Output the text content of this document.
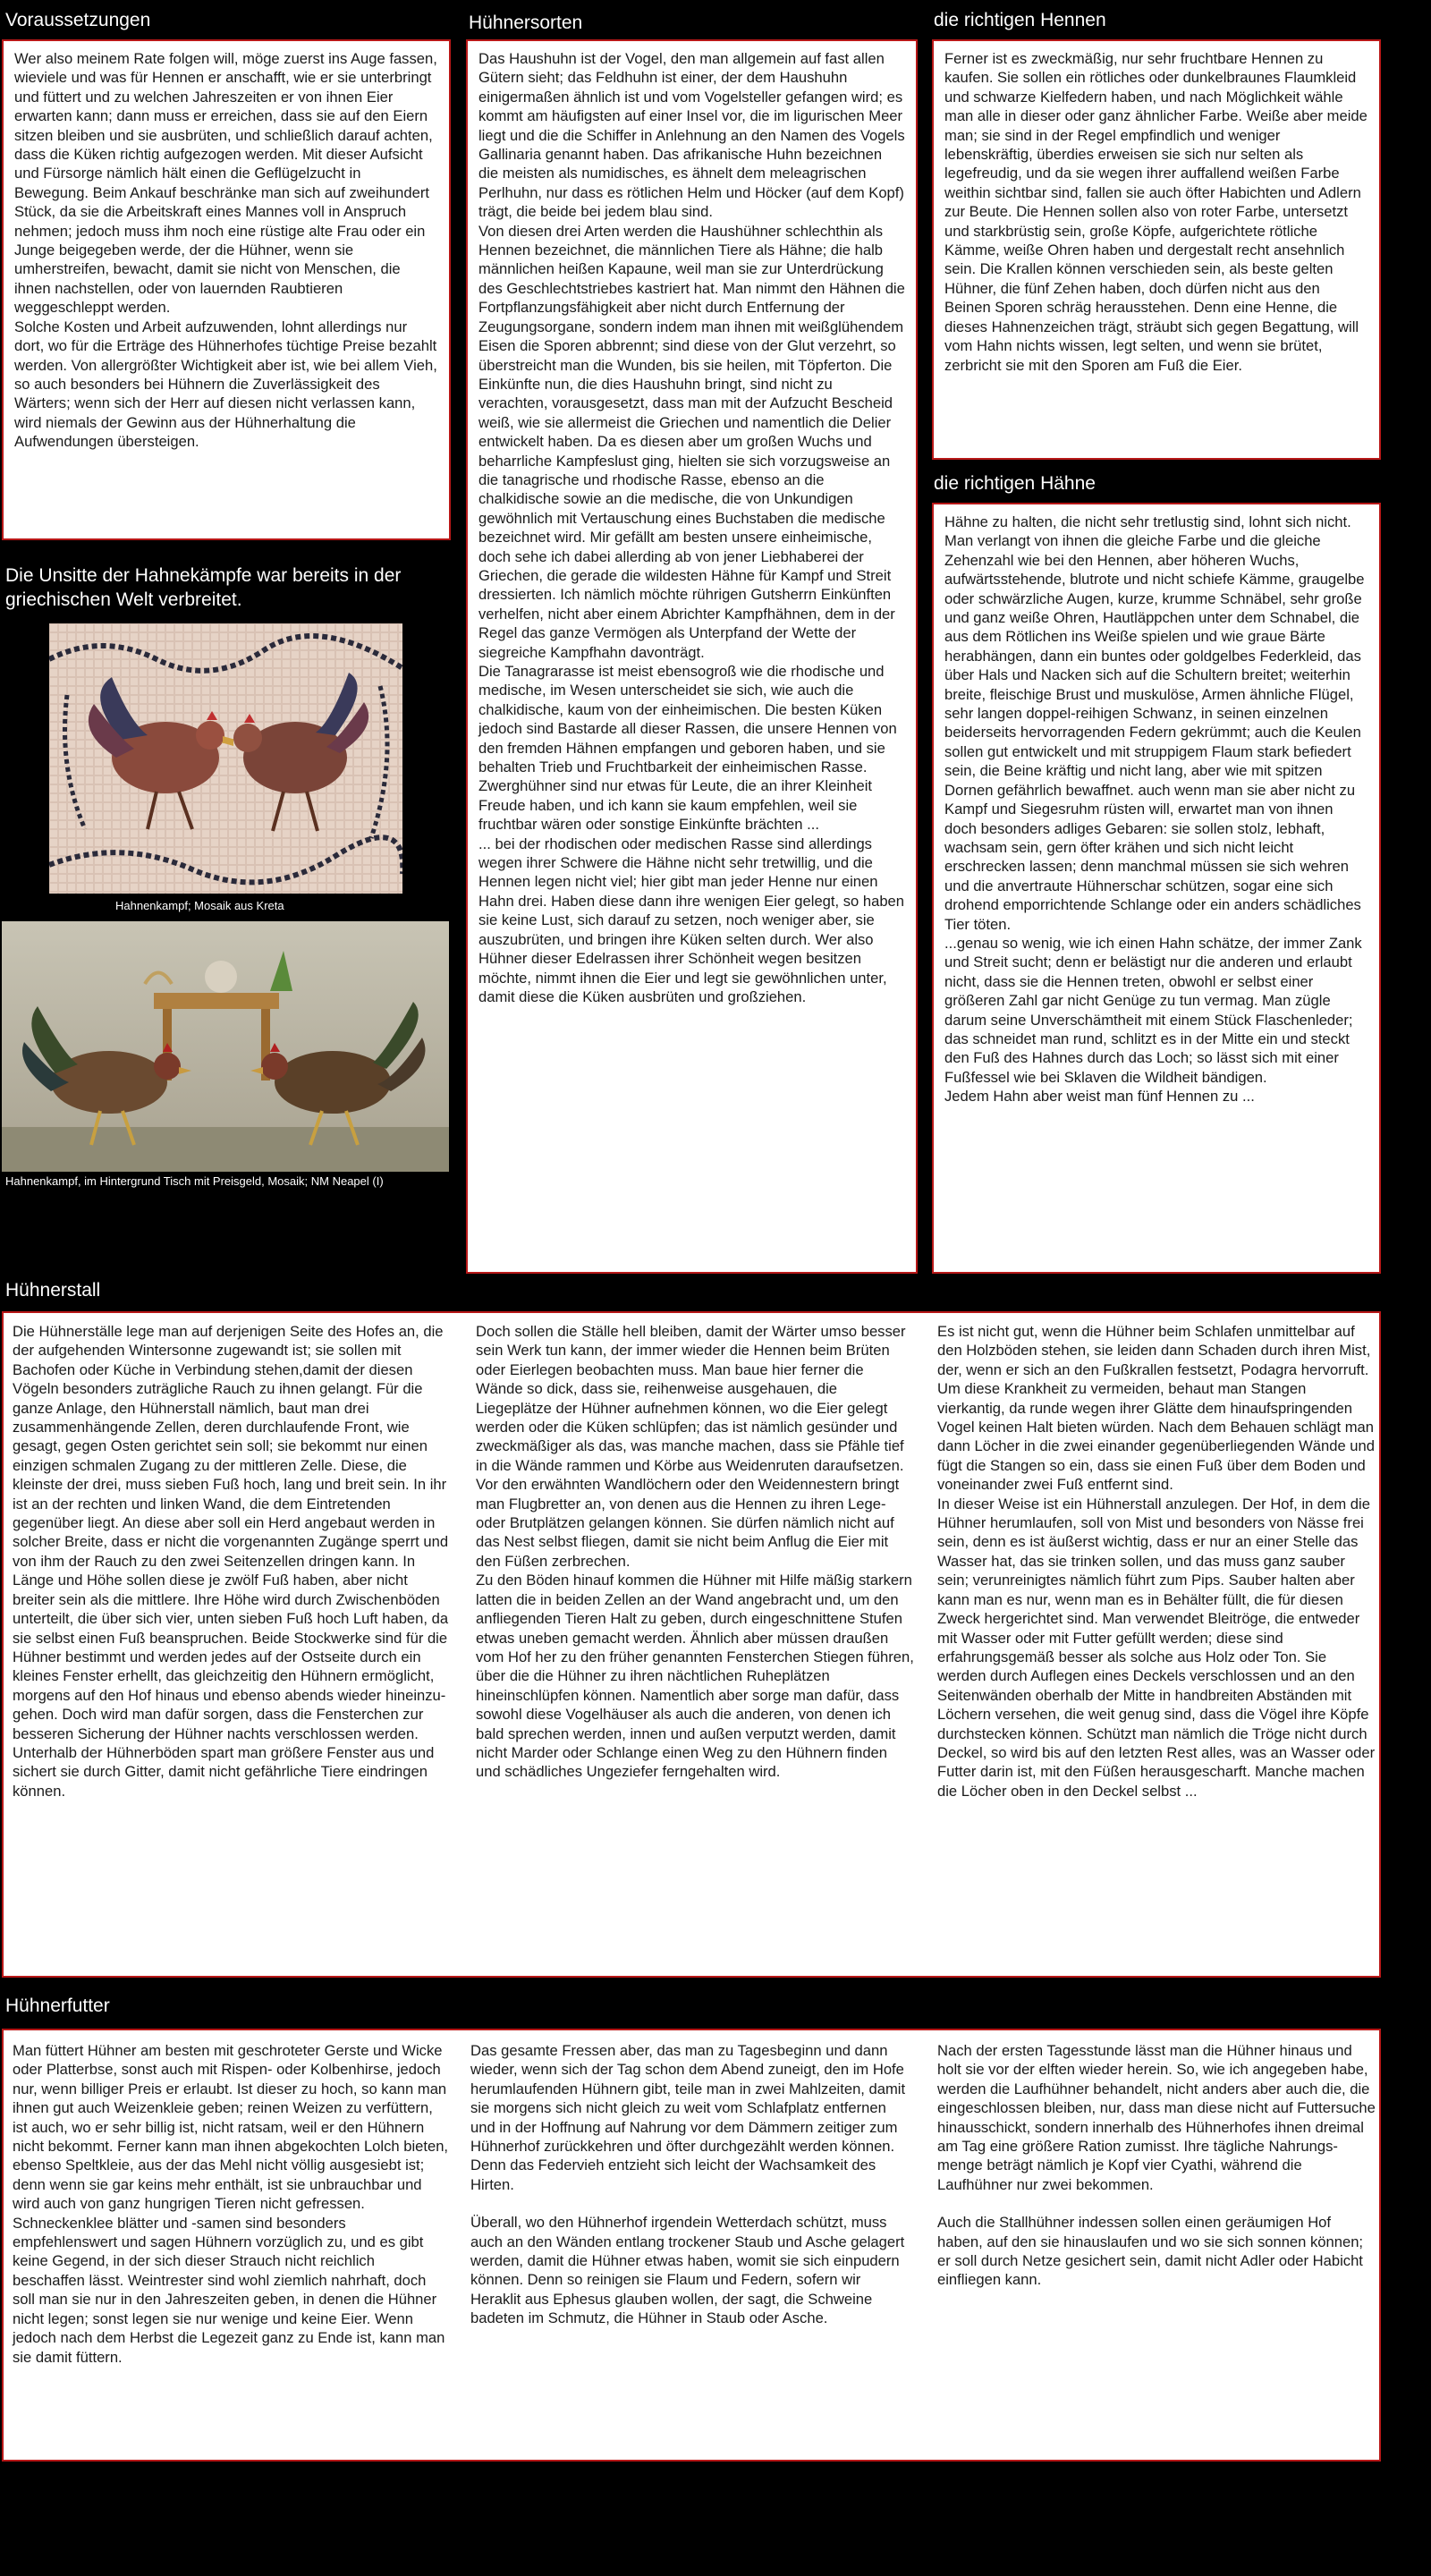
Voraussetzungen	Hühnersorten	die richtigen Hennen
die richtigen Hähne
Hühnerstall
Hühnerfutter

Wer also meinem Rate folgen will, möge zuerst ins Auge fassen, wieviele und was für Hennen er anschafft, wie er sie unterbringt und füttert und zu welchen Jahreszeiten er von ihnen Eier erwarten kann; dann muss er erreichen, dass sie auf den Eiern sitzen bleiben und sie ausbrüten, und schließlich darauf achten, dass die Küken richtig aufgezogen werden. Mit dieser Aufsicht und Fürsorge nämlich hält einen die Geflügelzucht in Bewegung. Beim Ankauf beschränke man sich auf zweihundert Stück, da sie die Arbeitskraft eines Mannes voll in Anspruch nehmen; jedoch muss ihm noch eine rüstige alte Frau oder ein Junge beigegeben werde, der die Hühner, wenn sie umherstreifen, bewacht, damit sie nicht von Menschen, die ihnen nachstellen, oder von lauernden Raubtieren weggeschleppt werden.

Solche Kosten und Arbeit aufzuwenden, lohnt allerdings nur dort, wo für die Erträge des Hühnerhofes tüchtige Preise bezahlt werden. Von allergrößter Wichtigkeit aber ist, wie bei allem Vieh, so auch besonders bei Hühnern die Zuverlässigkeit des Wärters; wenn sich der Herr auf diesen nicht verlassen kann, wird niemals der Gewinn aus der Hühnerhaltung die Aufwendungen übersteigen.

Die Unsitte der Hahnekämpfe war bereits in der griechischen Welt verbreitet.
Hahnenkampf; Mosaik aus Kreta
Hahnenkampf, im Hintergrund Tisch mit Preisgeld, Mosaik; NM Neapel (I)

Das Haushuhn ist der Vogel, den man allgemein auf fast allen Gütern sieht; das Feldhuhn ist einer, der dem Haushuhn einigermaßen ähnlich ist und vom Vogelsteller gefangen wird; es kommt am häufigsten auf einer Insel vor, die im ligurischen Meer liegt und die die Schiffer in Anlehnung an den Namen des Vogels Gallinaria genannt haben. Das afrikanische Huhn bezeichnen die meisten als numidisches, es ähnelt dem meleagrischen Perlhuhn, nur dass es rötlichen Helm und Höcker (auf dem Kopf) trägt, die beide bei jedem blau sind.

Von diesen drei Arten werden die Haushühner schlechthin als Hennen bezeichnet, die männlichen Tiere als Hähne; die halb männlichen heißen Kapaune, weil man sie zur Unterdrückung des Geschlechtstriebes kastriert hat. Man nimmt den Hähnen die Fortpflanzungsfähigkeit aber nicht durch Entfernung der Zeugungsorgane, sondern indem man ihnen mit weißglühendem Eisen die Sporen abbrennt; sind diese von der Glut verzehrt, so überstreicht man die Wunden, bis sie heilen, mit Töpferton. Die Einkünfte nun, die dies Haushuhn bringt, sind nicht zu verachten, vorausgesetzt, dass man mit der Aufzucht Bescheid weiß, wie sie allermeist die Griechen und namentlich die Delier entwickelt haben. Da es diesen aber um großen Wuchs und beharrliche Kampfeslust ging, hielten sie sich vorzugsweise an die tanagrische und rhodische Rasse, ebenso an die chalkidische sowie an die medische, die von Unkundigen gewöhnlich mit Vertauschung eines Buchstaben die medische bezeichnet wird. Mir gefällt am besten unsere einheimische, doch sehe ich dabei allerding ab von jener Liebhaberei der Griechen, die gerade die wildesten Hähne für Kampf und Streit dressierten. Ich nämlich möchte rührigen Gutsherrn Einkünften verhelfen, nicht aber einem Abrichter Kampfhähnen, dem in der Regel das ganze Vermögen als Unterpfand der Wette der siegreiche Kampfhahn davonträgt.

Die Tanagrarasse ist meist ebensogroß wie die rhodische und medische, im Wesen unterscheidet sie sich, wie auch die chalkidische, kaum von der einheimischen. Die besten Küken jedoch sind Bastarde all dieser Rassen, die unsere Hennen von den fremden Hähnen empfangen und geboren haben, und sie behalten Trieb und Fruchtbarkeit der einheimischen Rasse.

Zwerghühner sind nur etwas für Leute, die an ihrer Kleinheit Freude haben, und ich kann sie kaum empfehlen, weil sie fruchtbar wären oder sonstige Einkünfte brächten ...

... bei der rhodischen oder medischen Rasse sind allerdings wegen ihrer Schwere die Hähne nicht sehr tretwillig, und die Hennen legen nicht viel; hier gibt man jeder Henne nur einen Hahn drei. Haben diese dann ihre wenigen Eier gelegt, so haben sie keine Lust, sich darauf zu setzen, noch weniger aber, sie auszubrüten, und bringen ihre Küken selten durch. Wer also Hühner dieser Edelrassen ihrer Schönheit wegen besitzen möchte, nimmt ihnen die Eier und legt sie gewöhnlichen unter, damit diese die Küken ausbrüten und großziehen.

Ferner ist es zweckmäßig, nur sehr fruchtbare Hennen zu kaufen. Sie sollen ein rötliches oder dunkelbraunes Flaumkleid und schwarze Kielfedern haben, und nach Möglichkeit wähle man alle in dieser oder ganz ähnlicher Farbe. Weiße aber meide man; sie sind in der Regel empfindlich und weniger lebenskräftig, überdies erweisen sie sich nur selten als legefreudig, und da sie wegen ihrer auffallend weißen Farbe weithin sichtbar sind, fallen sie auch öfter Habichten und Adlern zur Beute. Die Hennen sollen also von roter Farbe, untersetzt und starkbrüstig sein, große Köpfe, aufgerichtete rötliche Kämme, weiße Ohren haben und dergestalt recht ansehnlich sein. Die Krallen können verschieden sein, als beste gelten Hühner, die fünf Zehen haben, doch dürfen nicht aus den Beinen Sporen schräg herausstehen. Denn eine Henne, die dieses Hahnenzeichen trägt, sträubt sich gegen Begattung, will vom Hahn nichts wissen, legt selten, und wenn sie brütet, zerbricht sie mit den Sporen am Fuß die Eier.

Hähne zu halten, die nicht sehr tretlustig sind, lohnt sich nicht. Man verlangt von ihnen die gleiche Farbe und die gleiche Zehenzahl wie bei den Hennen, aber höheren Wuchs, aufwärtsstehende, blutrote und nicht schiefe Kämme, graugelbe oder schwärzliche Augen, kurze, krumme Schnäbel, sehr große und ganz weiße Ohren, Hautläppchen unter dem Schnabel, die aus dem Rötlichen ins Weiße spielen und wie graue Bärte herabhängen, dann ein buntes oder goldgelbes Federkleid, das über Hals und Nacken sich auf die Schultern breitet; weiterhin breite, fleischige Brust und muskulöse, Armen ähnliche Flügel, sehr langen doppel-reihigen Schwanz, in seinen einzelnen beiderseits hervorragenden Federn gekrümmt; auch die Keulen sollen gut entwickelt und mit struppigem Flaum stark befiedert sein, die Beine kräftig und nicht lang, aber wie mit spitzen Dornen gefährlich bewaffnet. auch wenn man sie aber nicht zu Kampf und Siegesruhm rüsten will, erwartet man von ihnen doch besonders adliges Gebaren: sie sollen stolz, lebhaft, wachsam sein, gern öfter krähen und sich nicht leicht erschrecken lassen; denn manchmal müssen sie sich wehren und die anvertraute Hühnerschar schützen, sogar eine sich drohend emporrichtende Schlange oder ein anders schädliches Tier töten.

...genau so wenig, wie ich einen Hahn schätze, der immer Zank und Streit sucht; denn er belästigt nur die anderen und erlaubt nicht, dass sie die Hennen treten, obwohl er selbst einer größeren Zahl gar nicht Genüge zu tun vermag. Man zügle darum seine Unverschämtheit mit einem Stück Flaschenleder; das schneidet man rund, schlitzt es in der Mitte ein und steckt den Fuß des Hahnes durch das Loch; so lässt sich mit einer Fußfessel wie bei Sklaven die Wildheit bändigen.

Jedem Hahn aber weist man fünf Hennen zu ...

Die Hühnerställe lege man auf derjenigen Seite des Hofes an, die der aufgehenden Wintersonne zugewandt ist; sie sollen mit Bachofen oder Küche in Verbindung stehen,damit der diesen Vögeln besonders zuträgliche Rauch zu ihnen gelangt. Für die ganze Anlage, den Hühnerstall nämlich, baut man drei zusammenhängende Zellen, deren durchlaufende Front, wie gesagt, gegen Osten gerichtet sein soll; sie bekommt nur einen einzigen schmalen Zugang zu der mittleren Zelle. Diese, die kleinste der drei, muss sieben Fuß hoch, lang und breit sein. In ihr ist an der rechten und linken Wand, die dem Eintretenden gegenüber liegt. An diese aber soll ein Herd angebaut werden in solcher Breite, dass er nicht die vorgenannten Zugänge sperrt und von ihm der Rauch zu den zwei Seitenzellen dringen kann. In Länge und Höhe sollen diese je zwölf Fuß haben, aber nicht breiter sein als die mittlere. Ihre Höhe wird durch Zwischenböden unterteilt, die über sich vier, unten sieben Fuß hoch Luft haben, da sie selbst einen Fuß beanspruchen. Beide Stockwerke sind für die Hühner bestimmt und werden jedes auf der Ostseite durch ein kleines Fenster erhellt, das gleichzeitig den Hühnern ermöglicht, morgens auf den Hof hinaus und ebenso abends wieder hineinzu-gehen. Doch wird man dafür sorgen, dass die Fensterchen zur besseren Sicherung der Hühner nachts verschlossen werden. Unterhalb der Hühnerböden spart man größere Fenster aus und sichert sie durch Gitter, damit nicht gefährliche Tiere eindringen können.

Doch sollen die Ställe hell bleiben, damit der Wärter umso besser sein Werk tun kann, der immer wieder die Hennen beim Brüten oder Eierlegen beobachten muss. Man baue hier ferner die Wände so dick, dass sie, reihenweise ausgehauen, die Liegeplätze der Hühner aufnehmen können, wo die Eier gelegt werden oder die Küken schlüpfen; das ist nämlich gesünder und zweckmäßiger als das, was manche machen, dass sie Pfähle tief in die Wände rammen und Körbe aus Weidenruten daraufsetzen. Vor den erwähnten Wandlöchern oder den Weidennestern bringt man Flugbretter an, von denen aus die Hennen zu ihren Lege- oder Brutplätzen gelangen können. Sie dürfen nämlich nicht auf das Nest selbst fliegen, damit sie nicht beim Anflug die Eier mit den Füßen zerbrechen.

Zu den Böden hinauf kommen die Hühner mit Hilfe mäßig starkern latten die in beiden Zellen an der Wand angebracht und, um den anfliegenden Tieren Halt zu geben, durch eingeschnittene Stufen etwas uneben gemacht werden. Ähnlich aber müssen draußen vom Hof her zu den früher genannten Fensterchen Stiegen führen, über die die Hühner zu ihren nächtlichen Ruheplätzen hineinschlüpfen können. Namentlich aber sorge man dafür, dass sowohl diese Vogelhäuser als auch die anderen, von denen ich bald sprechen werden, innen und außen verputzt werden, damit nicht Marder oder Schlange einen Weg zu den Hühnern finden und schädliches Ungeziefer ferngehalten wird.

Es ist nicht gut, wenn die Hühner beim Schlafen unmittelbar auf den Holzböden stehen, sie leiden dann Schaden durch ihren Mist, der, wenn er sich an den Fußkrallen festsetzt, Podagra hervorruft. Um diese Krankheit zu vermeiden, behaut man Stangen vierkantig, da runde wegen ihrer Glätte dem hinaufspringenden Vogel keinen Halt bieten würden. Nach dem Behauen schlägt man dann Löcher in die zwei einander gegenüberliegenden Wände und fügt die Stangen so ein, dass sie einen Fuß über dem Boden und voneinander zwei Fuß entfernt sind.

In dieser Weise ist ein Hühnerstall anzulegen. Der Hof, in dem die Hühner herumlaufen, soll von Mist und besonders von Nässe frei sein, denn es ist äußerst wichtig, dass er nur an einer Stelle das Wasser hat, das sie trinken sollen, und das muss ganz sauber sein; verunreinigtes nämlich führt zum Pips. Sauber halten aber kann man es nur, wenn man es in Behälter füllt, die für diesen Zweck hergerichtet sind. Man verwendet Bleitröge, die entweder mit Wasser oder mit Futter gefüllt werden; diese sind erfahrungsgemäß besser als solche aus Holz oder Ton. Sie werden durch Auflegen eines Deckels verschlossen und an den Seitenwänden oberhalb der Mitte in handbreiten Abständen mit Löchern versehen, die weit genug sind, dass die Vögel ihre Köpfe durchstecken können. Schützt man nämlich die Tröge nicht durch Deckel, so wird bis auf den letzten Rest alles, was an Wasser oder Futter darin ist, mit den Füßen herausgescharft. Manche machen die Löcher oben in den Deckel selbst ...

Man füttert Hühner am besten mit geschroteter Gerste und Wicke oder Platterbse, sonst auch mit Rispen- oder Kolbenhirse, jedoch nur, wenn billiger Preis er erlaubt. Ist dieser zu hoch, so kann man ihnen gut auch Weizenkleie geben; reinen Weizen zu verfüttern, ist auch, wo er sehr billig ist, nicht ratsam, weil er den Hühnern nicht bekommt. Ferner kann man ihnen abgekochten Lolch bieten, ebenso Speltkleie, aus der das Mehl nicht völlig ausgesiebt ist; denn wenn sie gar keins mehr enthält, ist sie unbrauchbar und wird auch von ganz hungrigen Tieren nicht gefressen. Schneckenklee blätter und -samen sind besonders empfehlenswert und sagen Hühnern vorzüglich zu, und es gibt keine Gegend, in der sich dieser Strauch nicht reichlich beschaffen lässt. Weintrester sind wohl ziemlich nahrhaft, doch soll man sie nur in den Jahreszeiten geben, in denen die Hühner nicht legen; sonst legen sie nur wenige und keine Eier. Wenn jedoch nach dem Herbst die Legezeit ganz zu Ende ist, kann man sie damit füttern.

Das gesamte Fressen aber, das man zu Tagesbeginn und dann wieder, wenn sich der Tag schon dem Abend zuneigt, den im Hofe herumlaufenden Hühnern gibt, teile man in zwei Mahlzeiten, damit sie morgens sich nicht gleich zu weit vom Schlafplatz entfernen und in der Hoffnung auf Nahrung vor dem Dämmern zeitiger zum Hühnerhof zurückkehren und öfter durchgezählt werden können. Denn das Federvieh entzieht sich leicht der Wachsamkeit des Hirten.

Überall, wo den Hühnerhof irgendein Wetterdach schützt, muss auch an den Wänden entlang trockener Staub und Asche gelagert werden, damit die Hühner etwas haben, womit sie sich einpudern können. Denn so reinigen sie Flaum und Federn, sofern wir Heraklit aus Ephesus glauben wollen, der sagt, die Schweine badeten im Schmutz, die Hühner in Staub oder Asche.

Nach der ersten Tagesstunde lässt man die Hühner hinaus und holt sie vor der elften wieder herein. So, wie ich angegeben habe, werden die Laufhühner behandelt, nicht anders aber auch die, die eingeschlossen bleiben, nur, dass man diese nicht auf Futtersuche hinausschickt, sondern innerhalb des Hühnerhofes ihnen dreimal am Tag eine größere Ration zumisst. Ihre tägliche Nahrungs-menge beträgt nämlich je Kopf vier Cyathi, während die Laufhühner nur zwei bekommen.

Auch die Stallhühner indessen sollen einen geräumigen Hof haben, auf den sie hinauslaufen und wo sie sich sonnen können; er soll durch Netze gesichert sein, damit nicht Adler oder Habicht einfliegen kann.
